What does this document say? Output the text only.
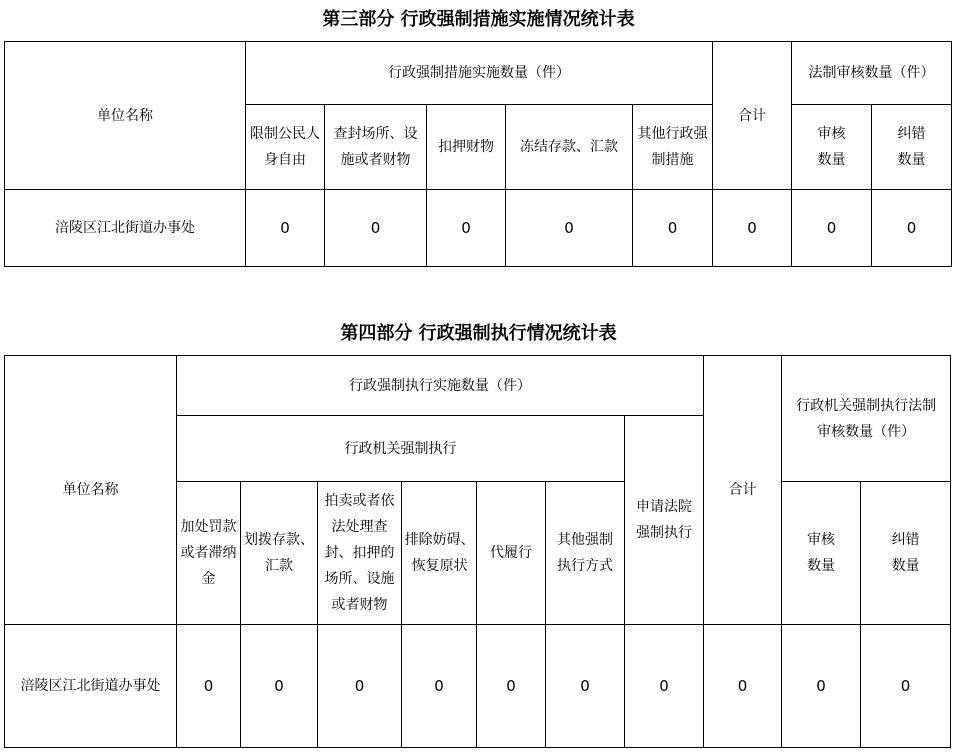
第三部分 行政强制措施实施情况统计表
单位名称	行政强制措施实施数量（件）					合计	法制审核数量（件）	
	限制公民人身自由	查封场所、设施或者财物	扣押财物	冻结存款、汇款	其他行政强制措施		审核数量	纠错数量
涪陵区江北街道办事处	0	0	0	0	0	0	0	0
第四部分 行政强制执行情况统计表
单位名称	行政强制执行实施数量（件）							合计	行政机关强制执行法制审核数量（件）	
	行政机关强制执行						申请法院强制执行			
	加处罚款或者滞纳金	划拨存款、汇款	拍卖或者依法处理查封、扣押的场所、设施或者财物	排除妨碍、恢复原状	代履行	其他强制执行方式			审核数量	纠错数量
涪陵区江北街道办事处	0	0	0	0	0	0	0	0	0	0
